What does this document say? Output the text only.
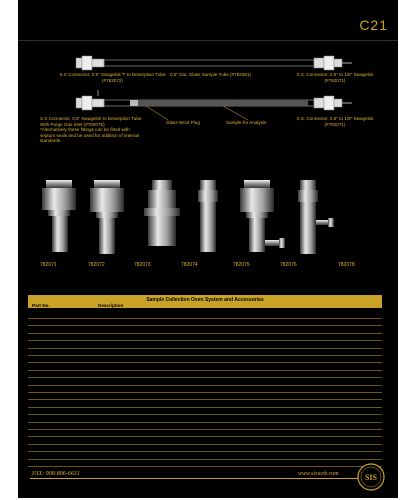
C21
S.S Connector, 0.5" Swagelok™ to Desorption Tube
(#782072)
0.5" Dia. Glass Sample Tube (#782061)	S.S. Connector, 0.5" to 1/8" Swagelok
(#782071)
S.S Connector, 0.5" Swagelok to Desorption Tube
With Purge Gas Inlet (#782075)
*Alternatively these fittings can be fitted with
septum seals and be used for addition of internal
standards.
Glass Wool Plug	Sample for Analysis
S.S. Connector, 0.5" to 1/8" Swagelok
(#782071)
782071	782072	782073	782074	782075	782076	782078
Sample Collection Oven System and Accessories
Part No.	Description
FAX: 908-806-6631	www.sisweb.com	SIS
